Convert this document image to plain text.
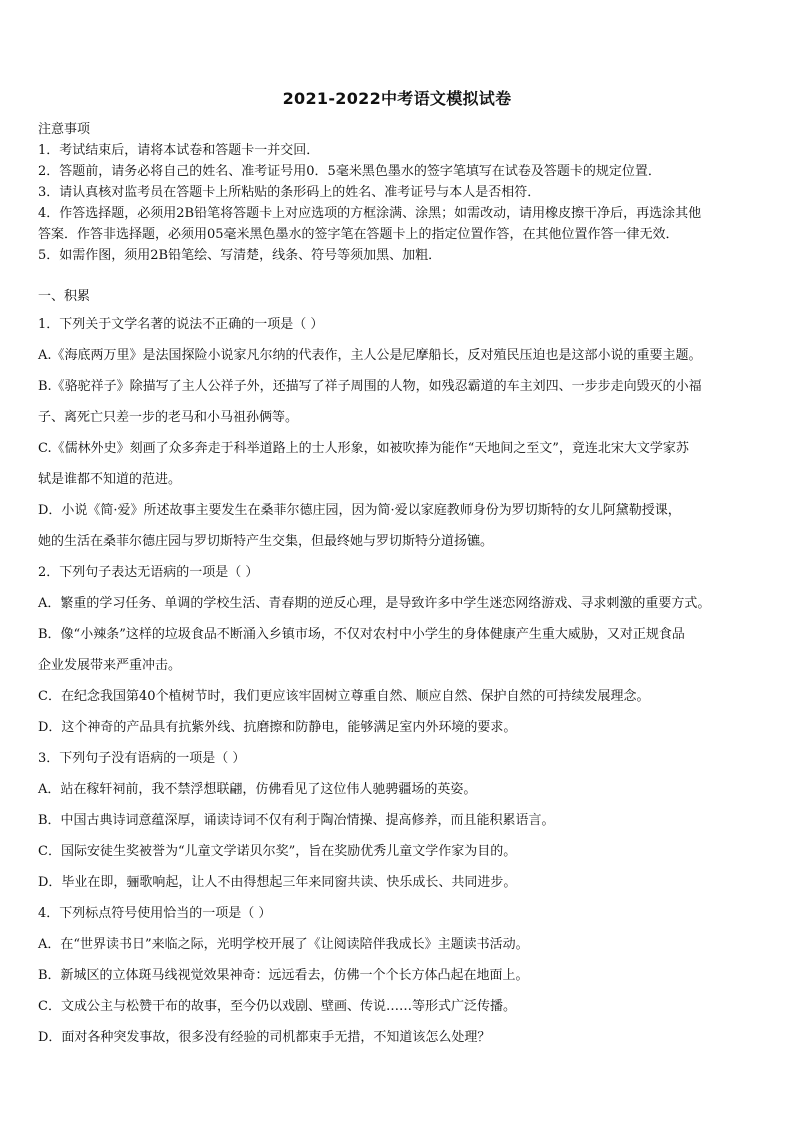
2021-2022中考语文模拟试卷
注意事项
1．考试结束后，请将本试卷和答题卡一并交回．
2．答题前，请务必将自己的姓名、准考证号用0．5毫米黑色墨水的签字笔填写在试卷及答题卡的规定位置．
3．请认真核对监考员在答题卡上所粘贴的条形码上的姓名、准考证号与本人是否相符．
4．作答选择题，必须用2B铅笔将答题卡上对应选项的方框涂满、涂黑；如需改动，请用橡皮擦干净后，再选涂其他
答案．作答非选择题，必须用05毫米黑色墨水的签字笔在答题卡上的指定位置作答，在其他位置作答一律无效．
5．如需作图，须用2B铅笔绘、写清楚，线条、符号等须加黑、加粗．
一、积累
1．下列关于文学名著的说法不正确的一项是（ ）
A.《海底两万里》是法国探险小说家凡尔纳的代表作，主人公是尼摩船长，反对殖民压迫也是这部小说的重要主题。
B.《骆驼祥子》除描写了主人公祥子外，还描写了祥子周围的人物，如残忍霸道的车主刘四、一步步走向毁灭的小福
子、离死亡只差一步的老马和小马祖孙俩等。
C.《儒林外史》刻画了众多奔走于科举道路上的士人形象，如被吹捧为能作“天地间之至文”，竟连北宋大文学家苏
轼是谁都不知道的范进。
D．小说《简·爱》所述故事主要发生在桑菲尔德庄园，因为简·爱以家庭教师身份为罗切斯特的女儿阿黛勒授课，
她的生活在桑菲尔德庄园与罗切斯特产生交集，但最终她与罗切斯特分道扬镳。
2．下列句子表达无语病的一项是（ ）
A．繁重的学习任务、单调的学校生活、青春期的逆反心理，是导致许多中学生迷恋网络游戏、寻求刺激的重要方式。
B．像“小辣条”这样的垃圾食品不断涌入乡镇市场，不仅对农村中小学生的身体健康产生重大威胁，又对正规食品
企业发展带来严重冲击。
C．在纪念我国第40个植树节时，我们更应该牢固树立尊重自然、顺应自然、保护自然的可持续发展理念。
D．这个神奇的产品具有抗紫外线、抗磨擦和防静电，能够满足室内外环境的要求。
3．下列句子没有语病的一项是（ ）
A．站在稼轩祠前，我不禁浮想联翩，仿佛看见了这位伟人驰骋疆场的英姿。
B．中国古典诗词意蕴深厚，诵读诗词不仅有利于陶冶情操、提高修养，而且能积累语言。
C．国际安徒生奖被誉为“儿童文学诺贝尔奖”，旨在奖励优秀儿童文学作家为目的。
D．毕业在即，骊歌响起，让人不由得想起三年来同窗共读、快乐成长、共同进步。
4．下列标点符号使用恰当的一项是（ ）
A．在“世界读书日”来临之际，光明学校开展了《让阅读陪伴我成长》主题读书活动。
B．新城区的立体斑马线视觉效果神奇：远远看去，仿佛一个个长方体凸起在地面上。
C．文成公主与松赞干布的故事，至今仍以戏剧、壁画、传说……等形式广泛传播。
D．面对各种突发事故，很多没有经验的司机都束手无措，不知道该怎么处理？
